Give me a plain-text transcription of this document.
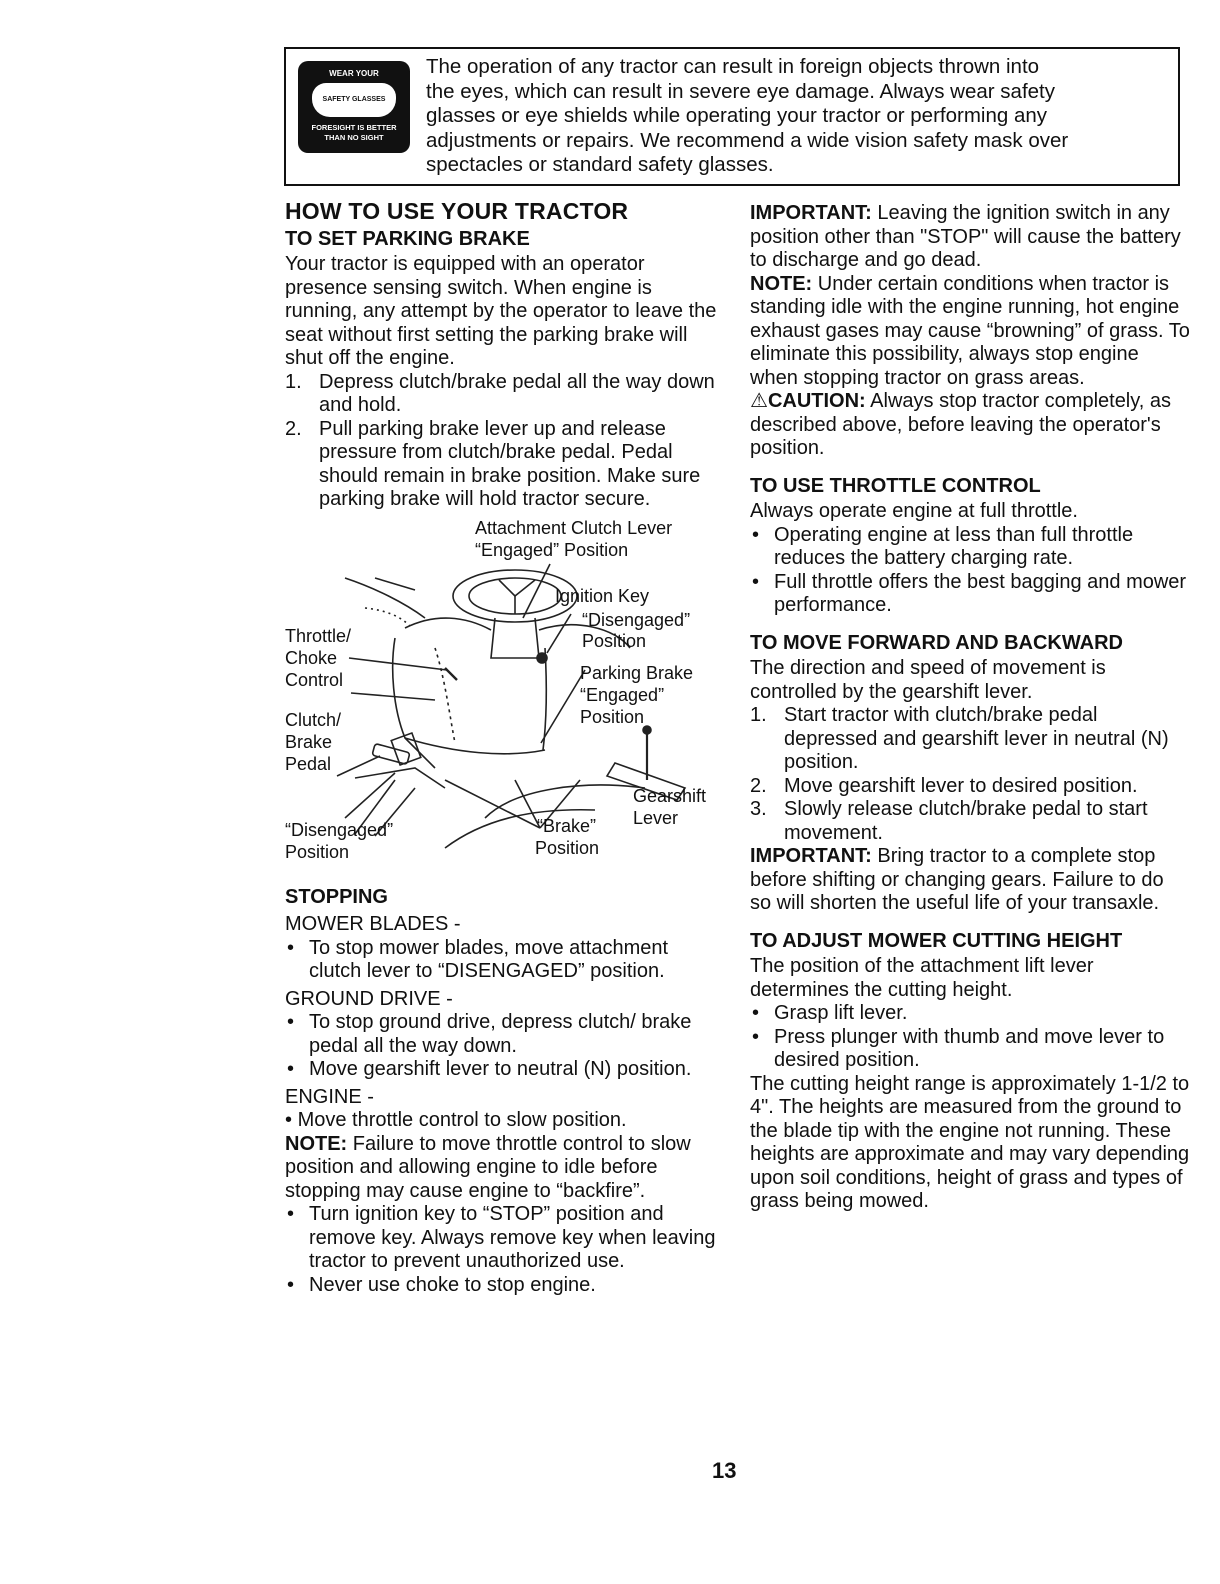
WEAR YOUR
SAFETY GLASSES
FORESIGHT IS BETTER THAN NO SIGHT
The operation of any tractor can result in foreign objects thrown into
the eyes, which can result in severe eye damage. Always wear safety
glasses or eye shields while operating your tractor or performing any
adjustments or repairs. We recommend a wide vision safety mask over
spectacles or standard safety glasses.
HOW TO USE YOUR TRACTOR
TO SET PARKING BRAKE

Your tractor is equipped with an operator presence sensing switch. When engine is running, any attempt by the operator to leave the seat without first setting the parking brake will shut off the engine.

1. Depress clutch/brake pedal all the way down and hold.
2. Pull parking brake lever up and release pressure from clutch/brake pedal. Pedal should remain in brake position. Make sure parking brake will hold tractor secure.
Attachment Clutch Lever
“Engaged” Position
Ignition Key
“Disengaged”
Position
Throttle/
Choke
Control	Parking Brake
“Engaged”
Position
Clutch/
Brake
Pedal
Gearshift
Lever
“Disengaged”
Position
“Brake”
Position
STOPPING

MOWER BLADES -

• To stop mower blades, move attachment clutch lever to “DISENGAGED” position.

GROUND DRIVE -

• To stop ground drive, depress clutch/ brake pedal all the way down.
• Move gearshift lever to neutral (N) position.

ENGINE -

• Move throttle control to slow position.

NOTE: Failure to move throttle control to slow position and allowing engine to idle before stopping may cause engine to “backfire”.

• Turn ignition key to “STOP” position and remove key. Always remove key when leaving tractor to prevent unauthorized use.
• Never use choke to stop engine.

IMPORTANT: Leaving the ignition switch in any position other than "STOP" will cause the battery to discharge and go dead.

NOTE: Under certain conditions when tractor is standing idle with the engine running, hot engine exhaust gases may cause “browning” of grass. To eliminate this possibility, always stop engine when stopping tractor on grass areas.

⚠CAUTION: Always stop tractor completely, as described above, before leaving the operator's position.

TO USE THROTTLE CONTROL

Always operate engine at full throttle.

• Operating engine at less than full throttle reduces the battery charging rate.
• Full throttle offers the best bagging and mower performance.
TO MOVE FORWARD AND BACKWARD

The direction and speed of movement is controlled by the gearshift lever.

1. Start tractor with clutch/brake pedal depressed and gearshift lever in neutral (N) position.
2. Move gearshift lever to desired position.
3. Slowly release clutch/brake pedal to start movement.

IMPORTANT: Bring tractor to a complete stop before shifting or changing gears. Failure to do so will shorten the useful life of your transaxle.

TO ADJUST MOWER CUTTING HEIGHT

The position of the attachment lift lever determines the cutting height.

• Grasp lift lever.
• Press plunger with thumb and move lever to desired position.

The cutting height range is approximately 1-1/2 to 4". The heights are measured from the ground to the blade tip with the engine not running. These heights are approximate and may vary depending upon soil conditions, height of grass and types of grass being mowed.

13
